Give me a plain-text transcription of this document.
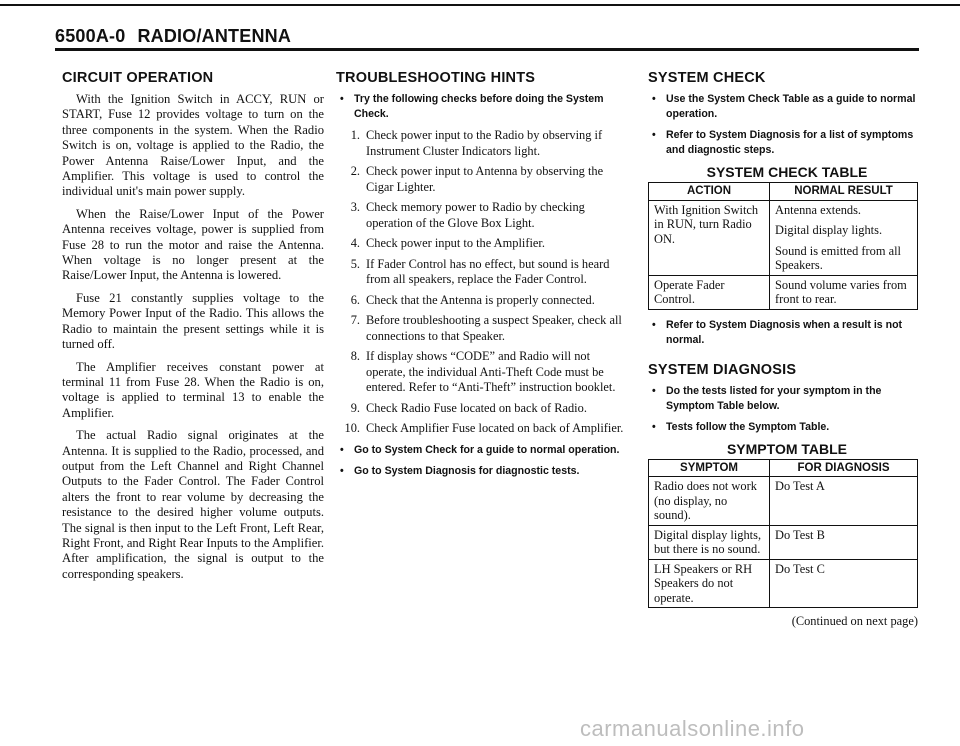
6500A-0 RADIO/ANTENNA
CIRCUIT OPERATION

With the Ignition Switch in ACCY, RUN or START, Fuse 12 provides voltage to turn on the three components in the system. When the Radio Switch is on, voltage is applied to the Radio, the Power Antenna Raise/Lower Input, and the Amplifier. This voltage is used to control the individual unit's main power supply.

When the Raise/Lower Input of the Power Antenna receives voltage, power is supplied from Fuse 28 to run the motor and raise the Antenna. When voltage is no longer present at the Raise/Lower Input, the Antenna is lowered.

Fuse 21 constantly supplies voltage to the Memory Power Input of the Radio. This allows the Radio to maintain the present settings while it is turned off.

The Amplifier receives constant power at terminal 11 from Fuse 28. When the Radio is on, voltage is applied to terminal 13 to enable the Amplifier.

The actual Radio signal originates at the Antenna. It is supplied to the Radio, processed, and output from the Left Channel and Right Channel Outputs to the Fader Control. The Fader Control alters the front to rear volume by decreasing the resistance to the desired higher volume outputs. The signal is then input to the Left Front, Left Rear, Right Front, and Right Rear Inputs to the Amplifier. After amplification, the signal is output to the corresponding speakers.

TROUBLESHOOTING HINTS
• Try the following checks before doing the System Check.
1. Check power input to the Radio by observing if Instrument Cluster Indicators light.
2. Check power input to Antenna by observing the Cigar Lighter.
3. Check memory power to Radio by checking operation of the Glove Box Light.
4. Check power input to the Amplifier.
5. If Fader Control has no effect, but sound is heard from all speakers, replace the Fader Control.
6. Check that the Antenna is properly connected.
7. Before troubleshooting a suspect Speaker, check all connections to that Speaker.
8. If display shows “CODE” and Radio will not operate, the individual Anti-Theft Code must be entered. Refer to “Anti-Theft” instruction booklet.
9. Check Radio Fuse located on back of Radio.
10. Check Amplifier Fuse located on back of Amplifier.
• Go to System Check for a guide to normal operation.
• Go to System Diagnosis for diagnostic tests.
SYSTEM CHECK
• Use the System Check Table as a guide to normal operation.
• Refer to System Diagnosis for a list of symptoms and diagnostic steps.
SYSTEM CHECK TABLE
ACTION	NORMAL RESULT
With Ignition Switch in RUN, turn Radio ON.	Antenna extends.
Digital display lights.
Sound is emitted from all Speakers.

Operate Fader Control.	Sound volume varies from front to rear.
• Refer to System Diagnosis when a result is not normal.
SYSTEM DIAGNOSIS
• Do the tests listed for your symptom in the Symptom Table below.
• Tests follow the Symptom Table.
SYMPTOM TABLE
SYMPTOM	FOR DIAGNOSIS
Radio does not work (no display, no sound).	Do Test A
Digital display lights, but there is no sound.	Do Test B
LH Speakers or RH Speakers do not operate.	Do Test C
(Continued on next page)
carmanualsonline.info
